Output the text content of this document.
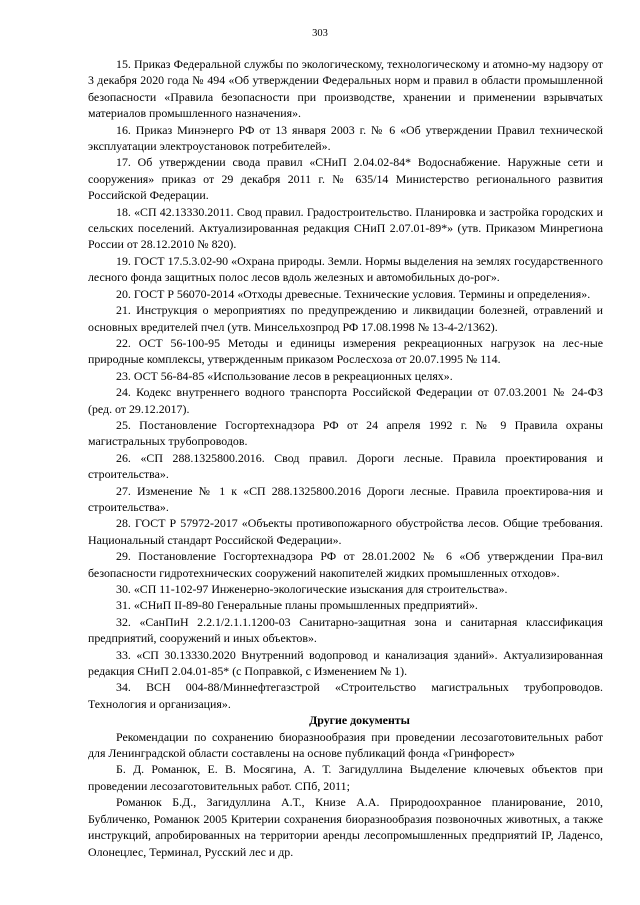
303

15. Приказ Федеральной службы по экологическому, технологическому и атомно-му надзору от 3 декабря 2020 года № 494 «Об утверждении Федеральных норм и правил в области промышленной безопасности «Правила безопасности при производстве, хранении и применении взрывчатых материалов промышленного назначения».

16. Приказ Минэнерго РФ от 13 января 2003 г. № 6 «Об утверждении Правил технической эксплуатации электроустановок потребителей».

17. Об утверждении свода правил «СНиП 2.04.02-84* Водоснабжение. Наружные сети и сооружения» приказ от 29 декабря 2011 г. № 635/14 Министерство регионального развития Российской Федерации.

18. «СП 42.13330.2011. Свод правил. Градостроительство. Планировка и застройка городских и сельских поселений. Актуализированная редакция СНиП 2.07.01-89*» (утв. Приказом Минрегиона России от 28.12.2010 № 820).

19. ГОСТ 17.5.3.02-90 «Охрана природы. Земли. Нормы выделения на землях государственного лесного фонда защитных полос лесов вдоль железных и автомобильных до-рог».

20. ГОСТ Р 56070-2014 «Отходы древесные. Технические условия. Термины и определения».

21. Инструкция о мероприятиях по предупреждению и ликвидации болезней, отравлений и основных вредителей пчел (утв. Минсельхозпрод РФ 17.08.1998 № 13-4-2/1362).

22. ОСТ 56-100-95 Методы и единицы измерения рекреационных нагрузок на лес-ные природные комплексы, утвержденным приказом Рослесхоза от 20.07.1995 № 114.

23. ОСТ 56-84-85 «Использование лесов в рекреационных целях».

24. Кодекс внутреннего водного транспорта Российской Федерации от 07.03.2001 № 24-ФЗ (ред. от 29.12.2017).

25. Постановление Госгортехнадзора РФ от 24 апреля 1992 г. № 9 Правила охраны магистральных трубопроводов.

26. «СП 288.1325800.2016. Свод правил. Дороги лесные. Правила проектирования и строительства».

27. Изменение № 1 к «СП 288.1325800.2016 Дороги лесные. Правила проектирова-ния и строительства».

28. ГОСТ Р 57972-2017 «Объекты противопожарного обустройства лесов. Общие требования. Национальный стандарт Российской Федерации».

29. Постановление Госгортехнадзора РФ от 28.01.2002 № 6 «Об утверждении Пра-вил безопасности гидротехнических сооружений накопителей жидких промышленных отходов».

30. «СП 11-102-97 Инженерно-экологические изыскания для строительства».

31. «СНиП II-89-80 Генеральные планы промышленных предприятий».

32. «СанПиН 2.2.1/2.1.1.1200-03 Санитарно-защитная зона и санитарная классификация предприятий, сооружений и иных объектов».

33. «СП 30.13330.2020 Внутренний водопровод и канализация зданий». Актуализированная редакция СНиП 2.04.01-85* (с Поправкой, с Изменением № 1).

34. ВСН 004-88/Миннефтегазстрой «Строительство магистральных трубопроводов. Технология и организация».

Другие документы

Рекомендации по сохранению биоразнообразия при проведении лесозаготовительных работ для Ленинградской области составлены на основе публикаций фонда «Гринфорест»

Б. Д. Романюк, Е. В. Мосягина, А. Т. Загидуллина Выделение ключевых объектов при проведении лесозаготовительных работ. СПб, 2011;

Романюк Б.Д., Загидуллина А.Т., Книзе А.А. Природоохранное планирование, 2010, Бубличенко, Романюк 2005 Критерии сохранения биоразнообразия позвоночных животных, а также инструкций, апробированных на территории аренды лесопромышленных предприятий IP, Ладенсо, Олонецлес, Терминал, Русский лес и др.
